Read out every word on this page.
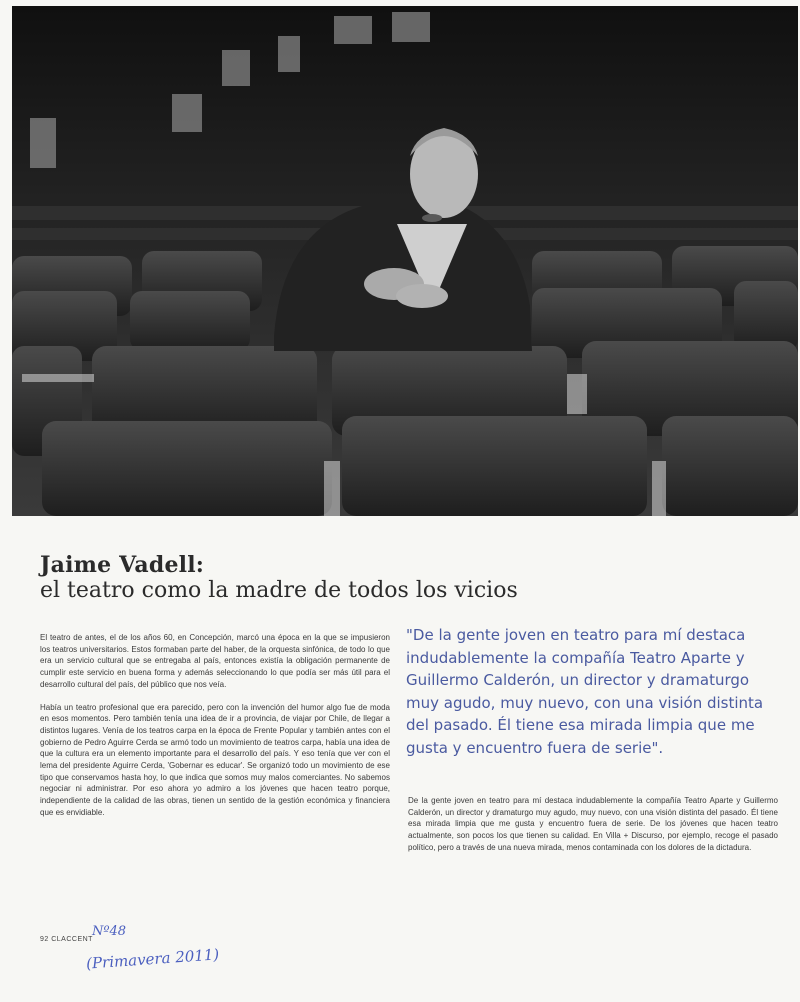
Jaime Vadell:
el teatro como la madre de todos los vicios

El teatro de antes, el de los años 60, en Concepción, marcó una época en la que se impusieron los teatros universitarios. Estos formaban parte del haber, de la orquesta sinfónica, de todo lo que era un servicio cultural que se entregaba al país, entonces existía la obligación permanente de cumplir este servicio en buena forma y además seleccionando lo que podía ser más útil para el desarrollo cultural del país, del público que nos veía.

Había un teatro profesional que era parecido, pero con la invención del humor algo fue de moda en esos momentos. Pero también tenía una idea de ir a provincia, de viajar por Chile, de llegar a distintos lugares. Venía de los teatros carpa en la época de Frente Popular y también antes con el gobierno de Pedro Aguirre Cerda se armó todo un movimiento de teatros carpa, había una idea de que la cultura era un elemento importante para el desarrollo del país. Y eso tenía que ver con el lema del presidente Aguirre Cerda, 'Gobernar es educar'. Se organizó todo un movimiento de ese tipo que conservamos hasta hoy, lo que indica que somos muy malos comerciantes. No sabemos negociar ni administrar. Por eso ahora yo admiro a los jóvenes que hacen teatro porque, independiente de la calidad de las obras, tienen un sentido de la gestión económica y financiera que es envidiable.

"De la gente joven en teatro para mí destaca indudablemente la compañía Teatro Aparte y Guillermo Calderón, un director y dramaturgo muy agudo, muy nuevo, con una visión distinta del pasado. Él tiene esa mirada limpia que me gusta y encuentro fuera de serie".

De la gente joven en teatro para mí destaca indudablemente la compañía Teatro Aparte y Guillermo Calderón, un director y dramaturgo muy agudo, muy nuevo, con una visión distinta del pasado. Él tiene esa mirada limpia que me gusta y encuentro fuera de serie. De los jóvenes que hacen teatro actualmente, son pocos los que tienen su calidad. En Villa + Discurso, por ejemplo, recoge el pasado político, pero a través de una nueva mirada, menos contaminada con los dolores de la dictadura.

92 CLACCENT
Nº48
(Primavera 2011)
